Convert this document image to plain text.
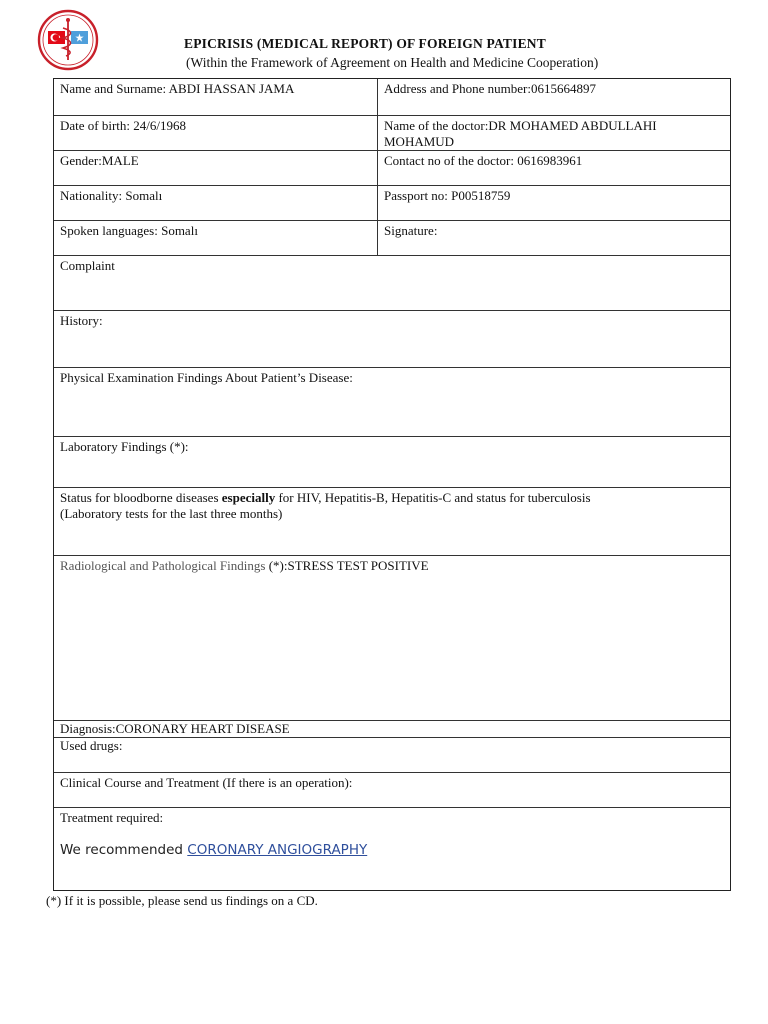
EPICRISIS (MEDICAL REPORT) OF FOREIGN PATIENT
(Within the Framework of Agreement on Health and Medicine Cooperation)
Name and Surname: ABDI HASSAN JAMA	Address and Phone number:0615664897
Date of birth: 24/6/1968	Name of the doctor:DR MOHAMED ABDULLAHI MOHAMUD
Gender:MALE	Contact no of the doctor: 0616983961
Nationality: Somalı	Passport no: P00518759
Spoken languages: Somalı	Signature:
Complaint
History:
Physical Examination Findings About Patient’s Disease:
Laboratory Findings (*):
Status for bloodborne diseases especially for HIV, Hepatitis-B, Hepatitis-C and status for tuberculosis
(Laboratory tests for the last three months)
Radiological and Pathological Findings (*):STRESS TEST POSITIVE
Diagnosis:CORONARY HEART DISEASE
Used drugs:
Clinical Course and Treatment (If there is an operation):
Treatment required:
We recommended CORONARY ANGIOGRAPHY
(*) If it is possible, please send us findings on a CD.
